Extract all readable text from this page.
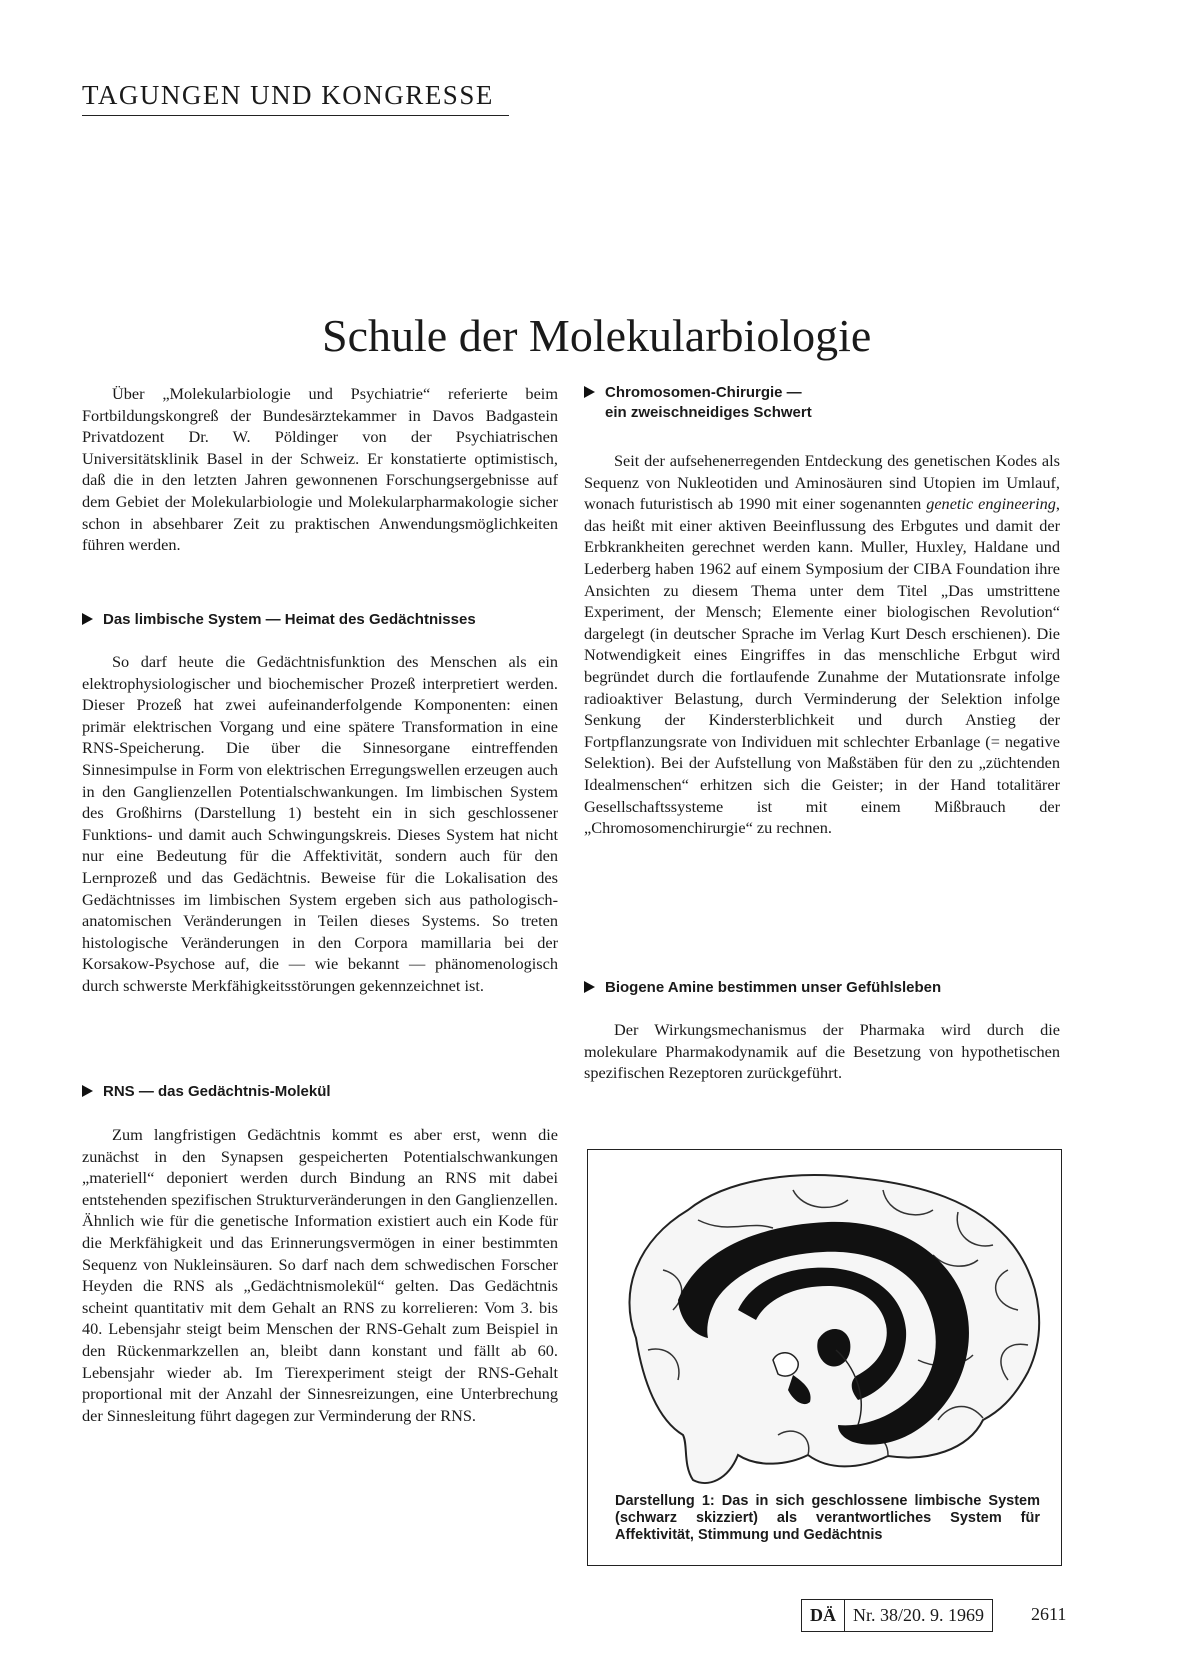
TAGUNGEN UND KONGRESSE
Schule der Molekularbiologie

Über „Molekularbiologie und Psychiatrie“ referierte beim Fortbildungskongreß der Bundesärztekammer in Davos Badgastein Privatdozent Dr. W. Pöldinger von der Psychiatrischen Universitätsklinik Basel in der Schweiz. Er konstatierte optimistisch, daß die in den letzten Jahren gewonnenen Forschungsergebnisse auf dem Gebiet der Molekularbiologie und Molekularpharmakologie sicher schon in absehbarer Zeit zu praktischen Anwendungsmöglichkeiten führen werden.

Das limbische System — Heimat des Gedächtnisses

So darf heute die Gedächtnisfunktion des Menschen als ein elektrophysiologischer und biochemischer Prozeß interpretiert werden. Dieser Prozeß hat zwei aufeinanderfolgende Komponenten: einen primär elektrischen Vorgang und eine spätere Transformation in eine RNS-Speicherung. Die über die Sinnesorgane eintreffenden Sinnesimpulse in Form von elektrischen Erregungswellen erzeugen auch in den Ganglienzellen Potentialschwankungen. Im limbischen System des Großhirns (Darstellung 1) besteht ein in sich geschlossener Funktions- und damit auch Schwingungskreis. Dieses System hat nicht nur eine Bedeutung für die Affektivität, sondern auch für den Lernprozeß und das Gedächtnis. Beweise für die Lokalisation des Gedächtnisses im limbischen System ergeben sich aus pathologisch-anatomischen Veränderungen in Teilen dieses Systems. So treten histologische Veränderungen in den Corpora mamillaria bei der Korsakow-Psychose auf, die — wie bekannt — phänomenologisch durch schwerste Merkfähigkeitsstörungen gekennzeichnet ist.

RNS — das Gedächtnis-Molekül

Zum langfristigen Gedächtnis kommt es aber erst, wenn die zunächst in den Synapsen gespeicherten Potentialschwankungen „materiell“ deponiert werden durch Bindung an RNS mit dabei entstehenden spezifischen Strukturveränderungen in den Ganglienzellen. Ähnlich wie für die genetische Information existiert auch ein Kode für die Merkfähigkeit und das Erinnerungsvermögen in einer bestimmten Sequenz von Nukleinsäuren. So darf nach dem schwedischen Forscher Heyden die RNS als „Gedächtnismolekül“ gelten. Das Gedächtnis scheint quantitativ mit dem Gehalt an RNS zu korrelieren: Vom 3. bis 40. Lebensjahr steigt beim Menschen der RNS-Gehalt zum Beispiel in den Rückenmarkzellen an, bleibt dann konstant und fällt ab 60. Lebensjahr wieder ab. Im Tierexperiment steigt der RNS-Gehalt proportional mit der Anzahl der Sinnesreizungen, eine Unterbrechung der Sinnesleitung führt dagegen zur Verminderung der RNS.

Chromosomen-Chirurgie —
ein zweischneidiges Schwert

Seit der aufsehenerregenden Entdeckung des genetischen Kodes als Sequenz von Nukleotiden und Aminosäuren sind Utopien im Umlauf, wonach futuristisch ab 1990 mit einer sogenannten genetic engineering, das heißt mit einer aktiven Beeinflussung des Erbgutes und damit der Erbkrankheiten gerechnet werden kann. Muller, Huxley, Haldane und Lederberg haben 1962 auf einem Symposium der CIBA Foundation ihre Ansichten zu diesem Thema unter dem Titel „Das umstrittene Experiment, der Mensch; Elemente einer biologischen Revolution“ dargelegt (in deutscher Sprache im Verlag Kurt Desch erschienen). Die Notwendigkeit eines Eingriffes in das menschliche Erbgut wird begründet durch die fortlaufende Zunahme der Mutationsrate infolge radioaktiver Belastung, durch Verminderung der Selektion infolge Senkung der Kindersterblichkeit und durch Anstieg der Fortpflanzungsrate von Individuen mit schlechter Erbanlage (= negative Selektion). Bei der Aufstellung von Maßstäben für den zu „züchtenden Idealmenschen“ erhitzen sich die Geister; in der Hand totalitärer Gesellschaftssysteme ist mit einem Mißbrauch der „Chromosomenchirurgie“ zu rechnen.

Biogene Amine bestimmen unser Gefühlsleben

Der Wirkungsmechanismus der Pharmaka wird durch die molekulare Pharmakodynamik auf die Besetzung von hypothetischen spezifischen Rezeptoren zurückgeführt.

Darstellung 1: Das in sich geschlossene limbische System (schwarz skizziert) als verantwortliches System für Affektivität, Stimmung und Gedächtnis
DÄ Nr. 38/20. 9. 1969	2611
